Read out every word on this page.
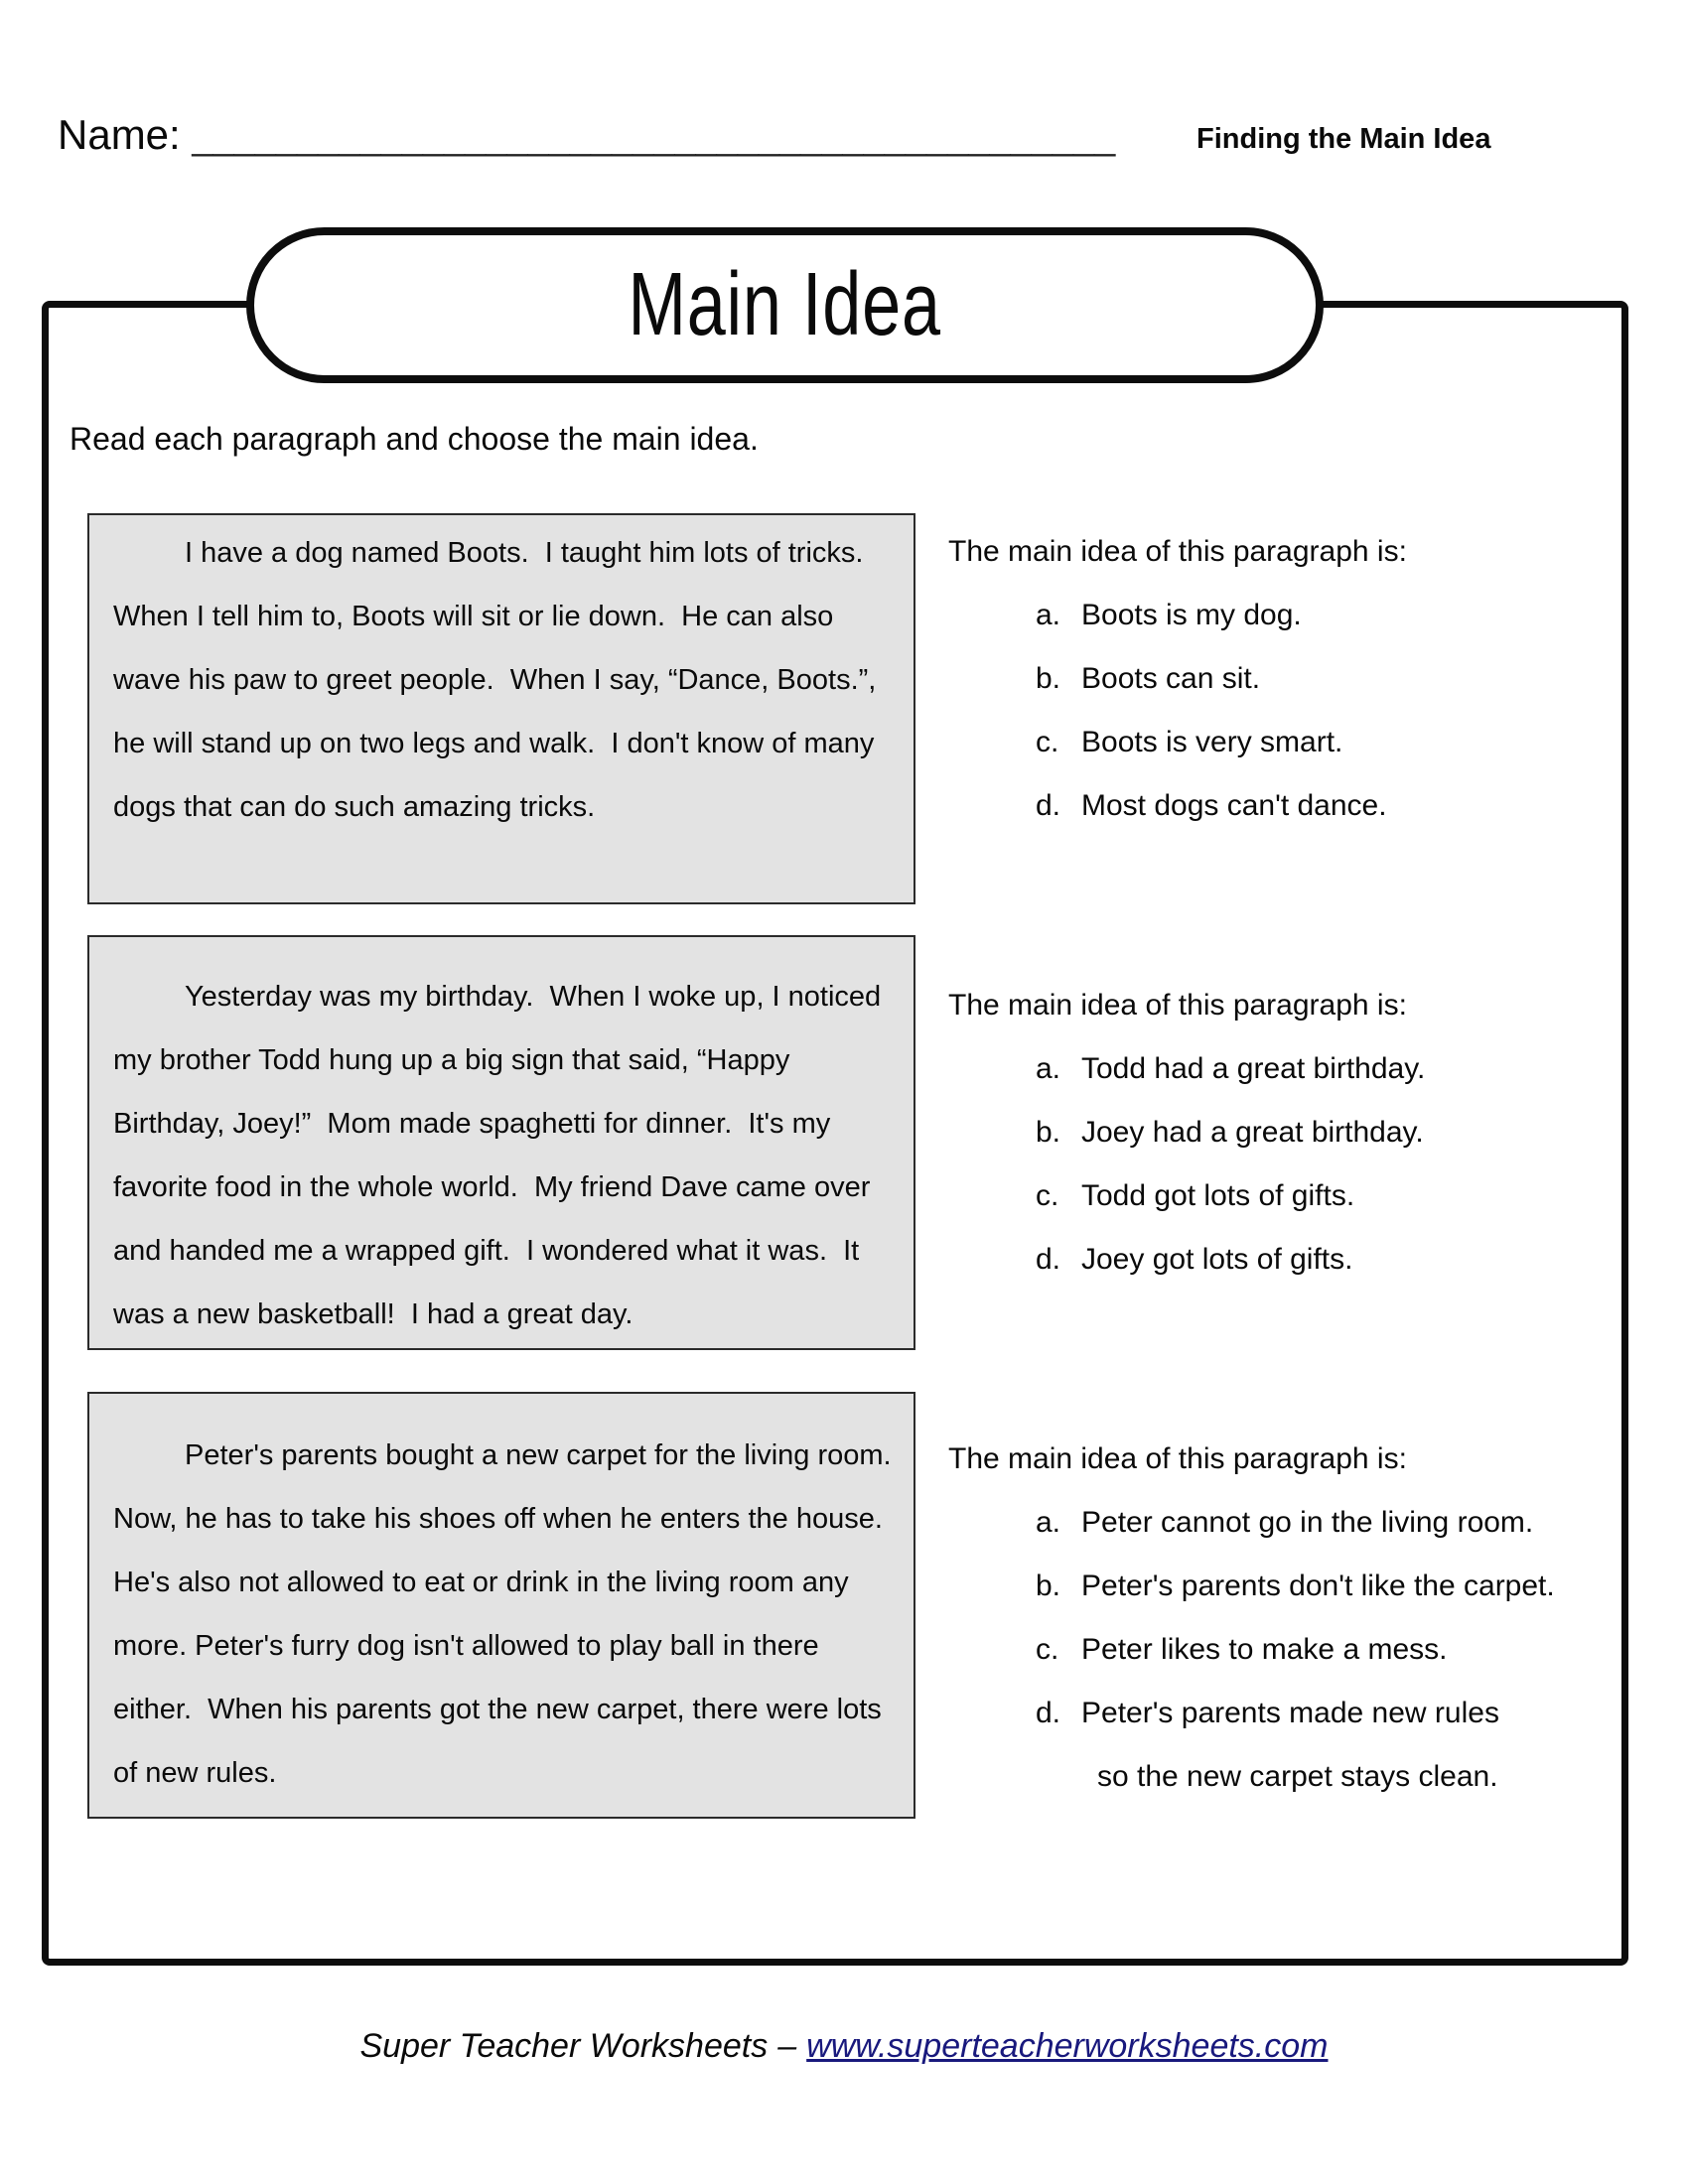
Name: ____________________________________________	Finding the Main Idea
Main Idea
Read each paragraph and choose the main idea.

I have a dog named Boots.  I taught him lots of tricks.  When I tell him to, Boots will sit or lie down.  He can also wave his paw to greet people.  When I say, “Dance, Boots.”, he will stand up on two legs and walk.  I don't know of many dogs that can do such amazing tricks.

The main idea of this paragraph is:
a. Boots is my dog.
b. Boots can sit.
c. Boots is very smart.
d. Most dogs can't dance.

Yesterday was my birthday.  When I woke up, I noticed my brother Todd hung up a big sign that said, “Happy Birthday, Joey!”  Mom made spaghetti for dinner.  It's my favorite food in the whole world.  My friend Dave came over and handed me a wrapped gift.  I wondered what it was.  It was a new basketball!  I had a great day.

The main idea of this paragraph is:
a. Todd had a great birthday.
b. Joey had a great birthday.
c. Todd got lots of gifts.
d. Joey got lots of gifts.

Peter's parents bought a new carpet for the living room.  Now, he has to take his shoes off when he enters the house.  He's also not allowed to eat or drink in the living room any more. Peter's furry dog isn't allowed to play ball in there either.  When his parents got the new carpet, there were lots of new rules.

The main idea of this paragraph is:
a. Peter cannot go in the living room.
b. Peter's parents don't like the carpet.
c. Peter likes to make a mess.
d. Peter's parents made new rules
so the new carpet stays clean.
Super Teacher Worksheets – www.superteacherworksheets.com
